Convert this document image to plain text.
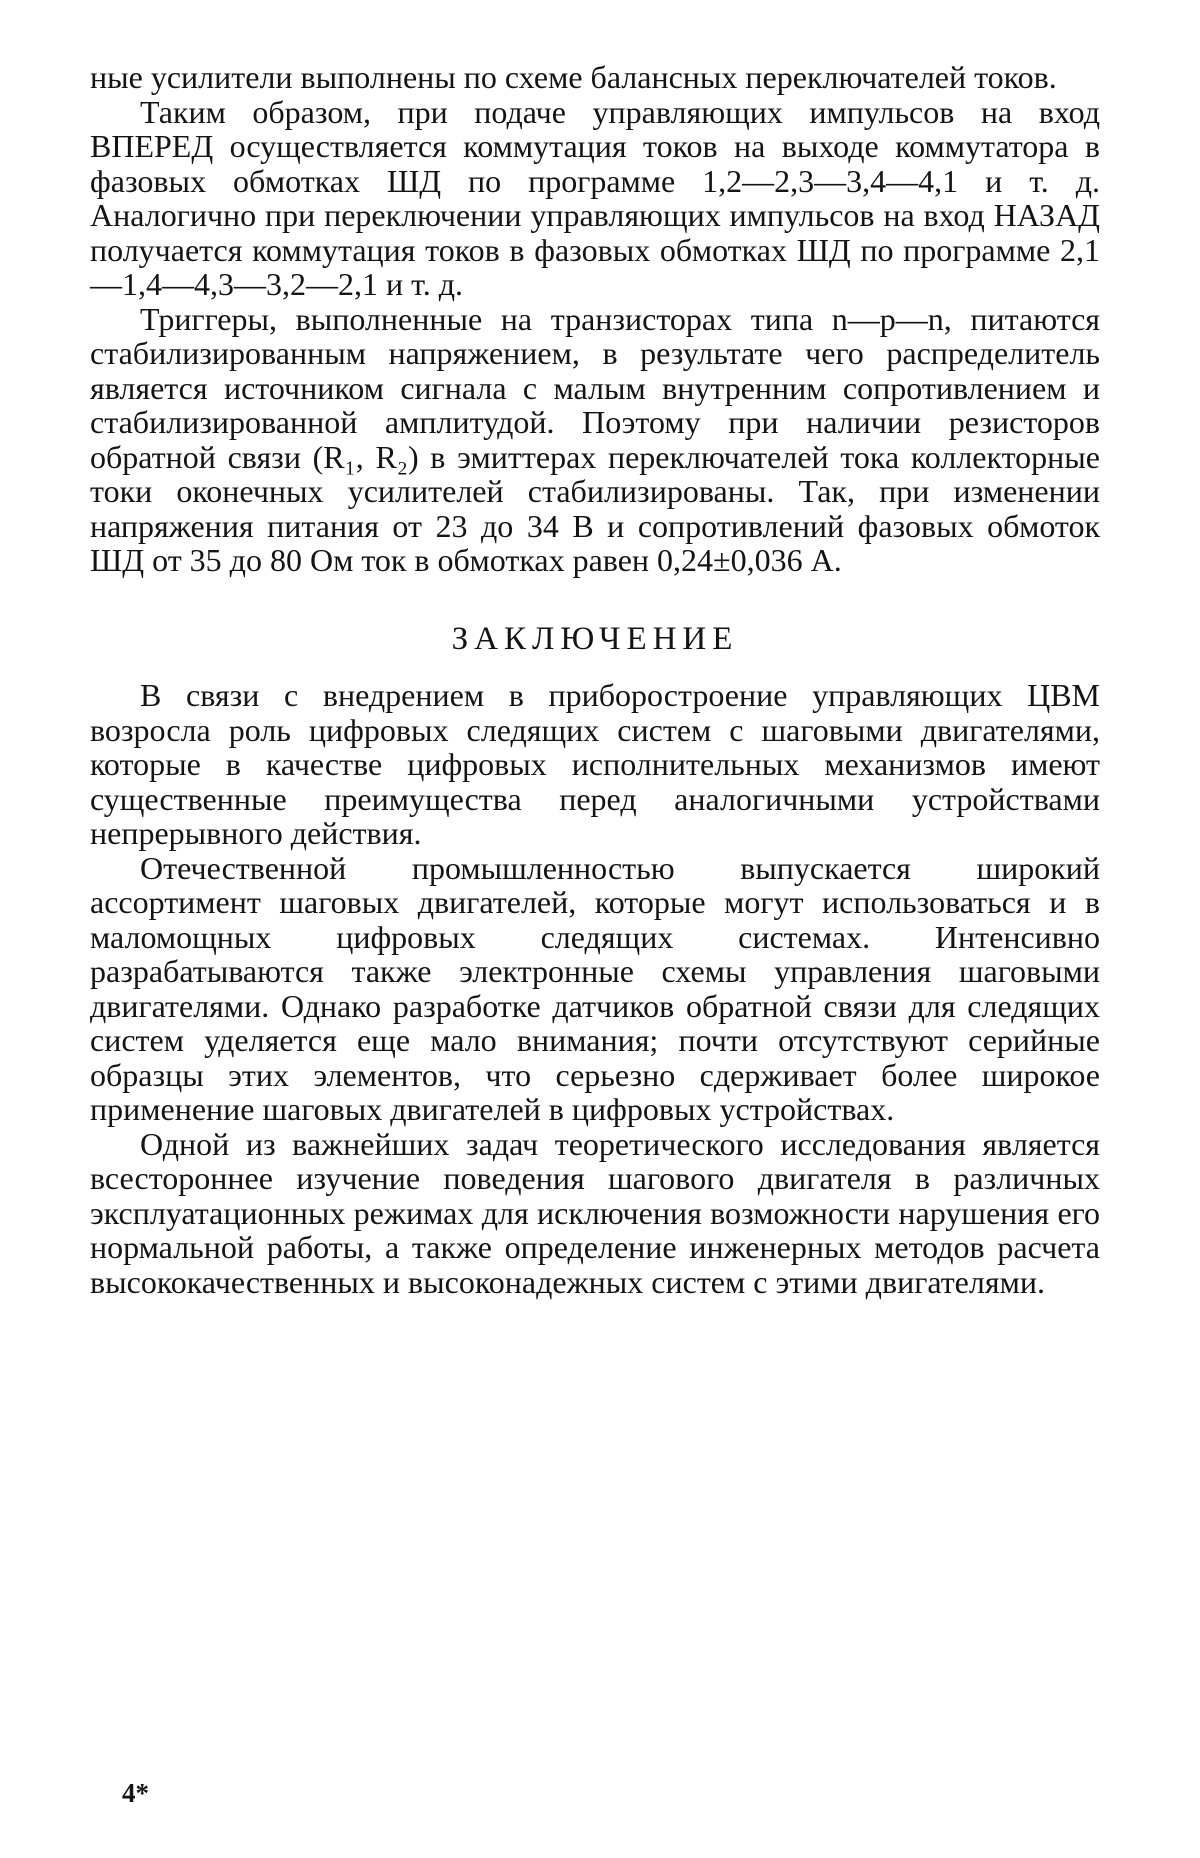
ные усилители выполнены по схеме балансных переключателей токов.

Таким образом, при подаче управляющих импульсов на вход ВПЕРЕД осуществляется коммутация токов на выходе коммутатора в фазовых обмотках ШД по программе 1,2—2,3—3,4—4,1 и т. д. Аналогично при переключении управляющих импульсов на вход НАЗАД получается коммутация токов в фазовых обмотках ШД по программе 2,1—1,4—4,3—3,2—2,1 и т. д.

Триггеры, выполненные на транзисторах типа n—p—n, питаются стабилизированным напряжением, в результате чего распределитель является источником сигнала с малым внутренним сопротивлением и стабилизированной амплитудой. Поэтому при наличии резисторов обратной связи (R₁, R₂) в эмиттерах переключателей тока коллекторные токи оконечных усилителей стабилизированы. Так, при изменении напряжения питания от 23 до 34 В и сопротивлений фазовых обмоток ШД от 35 до 80 Ом ток в обмотках равен 0,24±0,036 А.

ЗАКЛЮЧЕНИЕ

В связи с внедрением в приборостроение управляющих ЦВМ возросла роль цифровых следящих систем с шаговыми двигателями, которые в качестве цифровых исполнительных механизмов имеют существенные преимущества перед аналогичными устройствами непрерывного действия.

Отечественной промышленностью выпускается широкий ассортимент шаговых двигателей, которые могут использоваться и в маломощных цифровых следящих системах. Интенсивно разрабатываются также электронные схемы управления шаговыми двигателями. Однако разработке датчиков обратной связи для следящих систем уделяется еще мало внимания; почти отсутствуют серийные образцы этих элементов, что серьезно сдерживает более широкое применение шаговых двигателей в цифровых устройствах.

Одной из важнейших задач теоретического исследования является всестороннее изучение поведения шагового двигателя в различных эксплуатационных режимах для исключения возможности нарушения его нормальной работы, а также определение инженерных методов расчета высококачественных и высоконадежных систем с этими двигателями.

4*
